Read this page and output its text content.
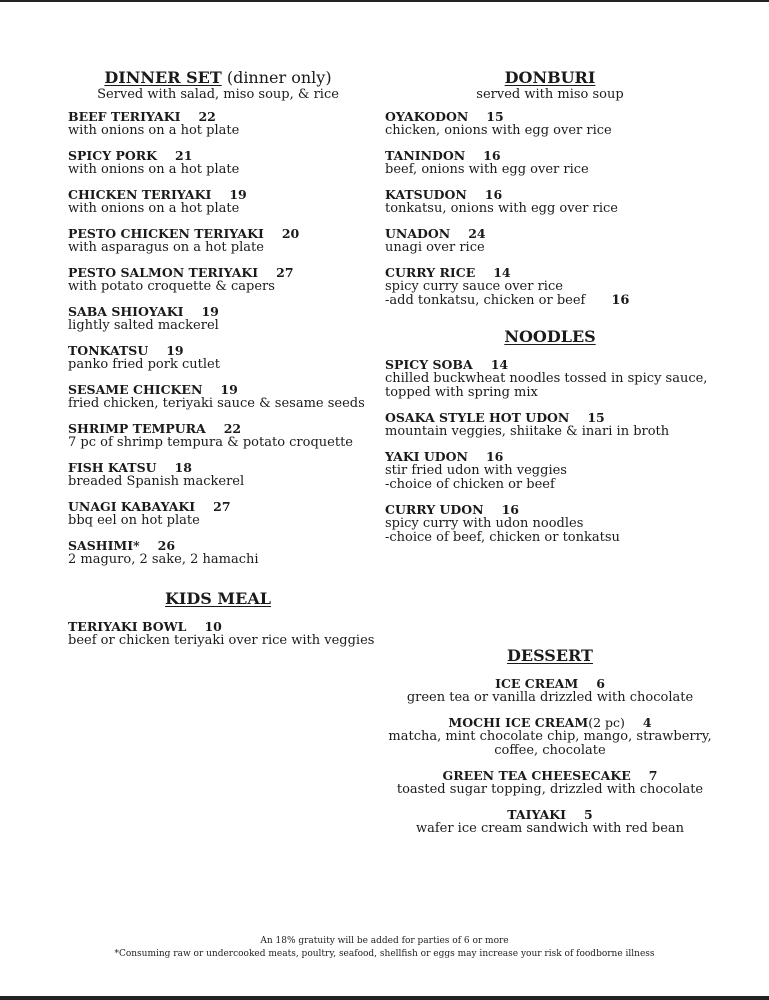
DINNER SET (dinner only)
Served with salad, miso soup, & rice
BEEF TERIYAKI 22
with onions on a hot plate
SPICY PORK 21
with onions on a hot plate
CHICKEN TERIYAKI 19
with onions on a hot plate
PESTO CHICKEN TERIYAKI 20
with asparagus on a hot plate
PESTO SALMON TERIYAKI 27
with potato croquette & capers
SABA SHIOYAKI 19
lightly salted mackerel
TONKATSU 19
panko fried pork cutlet
SESAME CHICKEN 19
fried chicken, teriyaki sauce & sesame seeds
SHRIMP TEMPURA 22
7 pc of shrimp tempura & potato croquette
FISH KATSU 18
breaded Spanish mackerel
UNAGI KABAYAKI 27
bbq eel on hot plate
SASHIMI* 26
2 maguro, 2 sake, 2 hamachi
KIDS MEAL
TERIYAKI BOWL 10
beef or chicken teriyaki over rice with veggies
DONBURI
served with miso soup
OYAKODON 15
chicken, onions with egg over rice
TANINDON 16
beef, onions with egg over rice
KATSUDON 16
tonkatsu, onions with egg over rice
UNADON 24
unagi over rice
CURRY RICE 14
spicy curry sauce over rice
-add tonkatsu, chicken or beef 16
NOODLES
SPICY SOBA 14
chilled buckwheat noodles tossed in spicy sauce,
topped with spring mix
OSAKA STYLE HOT UDON 15
mountain veggies, shiitake & inari in broth
YAKI UDON 16
stir fried udon with veggies
-choice of chicken or beef
CURRY UDON 16
spicy curry with udon noodles
-choice of beef, chicken or tonkatsu
DESSERT
ICE CREAM 6
green tea or vanilla drizzled with chocolate
MOCHI ICE CREAM(2 pc) 4
matcha, mint chocolate chip, mango, strawberry,
coffee, chocolate
GREEN TEA CHEESECAKE 7
toasted sugar topping, drizzled with chocolate
TAIYAKI 5
wafer ice cream sandwich with red bean
An 18% gratuity will be added for parties of 6 or more
*Consuming raw or undercooked meats, poultry, seafood, shellfish or eggs may increase your risk of foodborne illness
